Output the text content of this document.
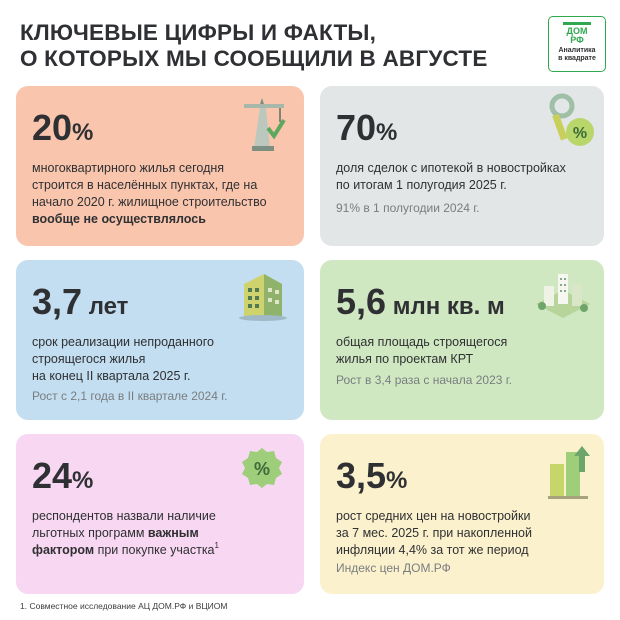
КЛЮЧЕВЫЕ ЦИФРЫ И ФАКТЫ,
О КОТОРЫХ МЫ СООБЩИЛИ В АВГУСТЕ
ДОМ
РФ
Аналитика
в квадрате
20%
многоквартирного жилья сегодня
строится в населённых пунктах, где на
начало 2020 г. жилищное строительство
вообще не осуществлялось
70%
доля сделок с ипотекой в новостройках
по итогам 1 полугодия 2025 г.
91% в 1 полугодии 2024 г.
%
3,7 лет
срок реализации непроданного
строящегося жилья
на конец II квартала 2025 г.
Рост с 2,1 года в II квартале 2024 г.
5,6 млн кв. м
общая площадь строящегося
жилья по проектам КРТ
Рост в 3,4 раза с начала 2023 г.
24%
респондентов назвали наличие
льготных программ важным
фактором при покупке участка$^1$
% 3,5%
рост средних цен на новостройки
за 7 мес. 2025 г. при накопленной
инфляции 4,4% за тот же период
Индекс цен ДОМ.РФ
1. Совместное исследование АЦ ДОМ.РФ и ВЦИОМ
